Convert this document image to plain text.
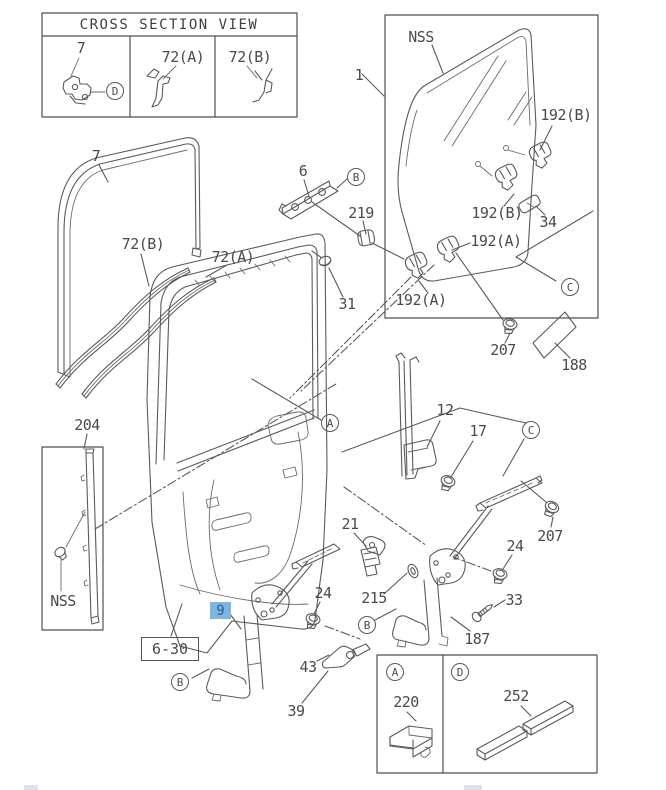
CROSS SECTION VIEW
7	72(A) 72(B)
D
1
NSS
192(B)
192(B) 34
192(A)
192(A)
207
188
C
6	B
219
31
7
72(B)
72(A)
204
NSS
6-30
9
B
24
43
39
21
215
B
187
33
24
207
C
12
17
A
A
220
D
252
